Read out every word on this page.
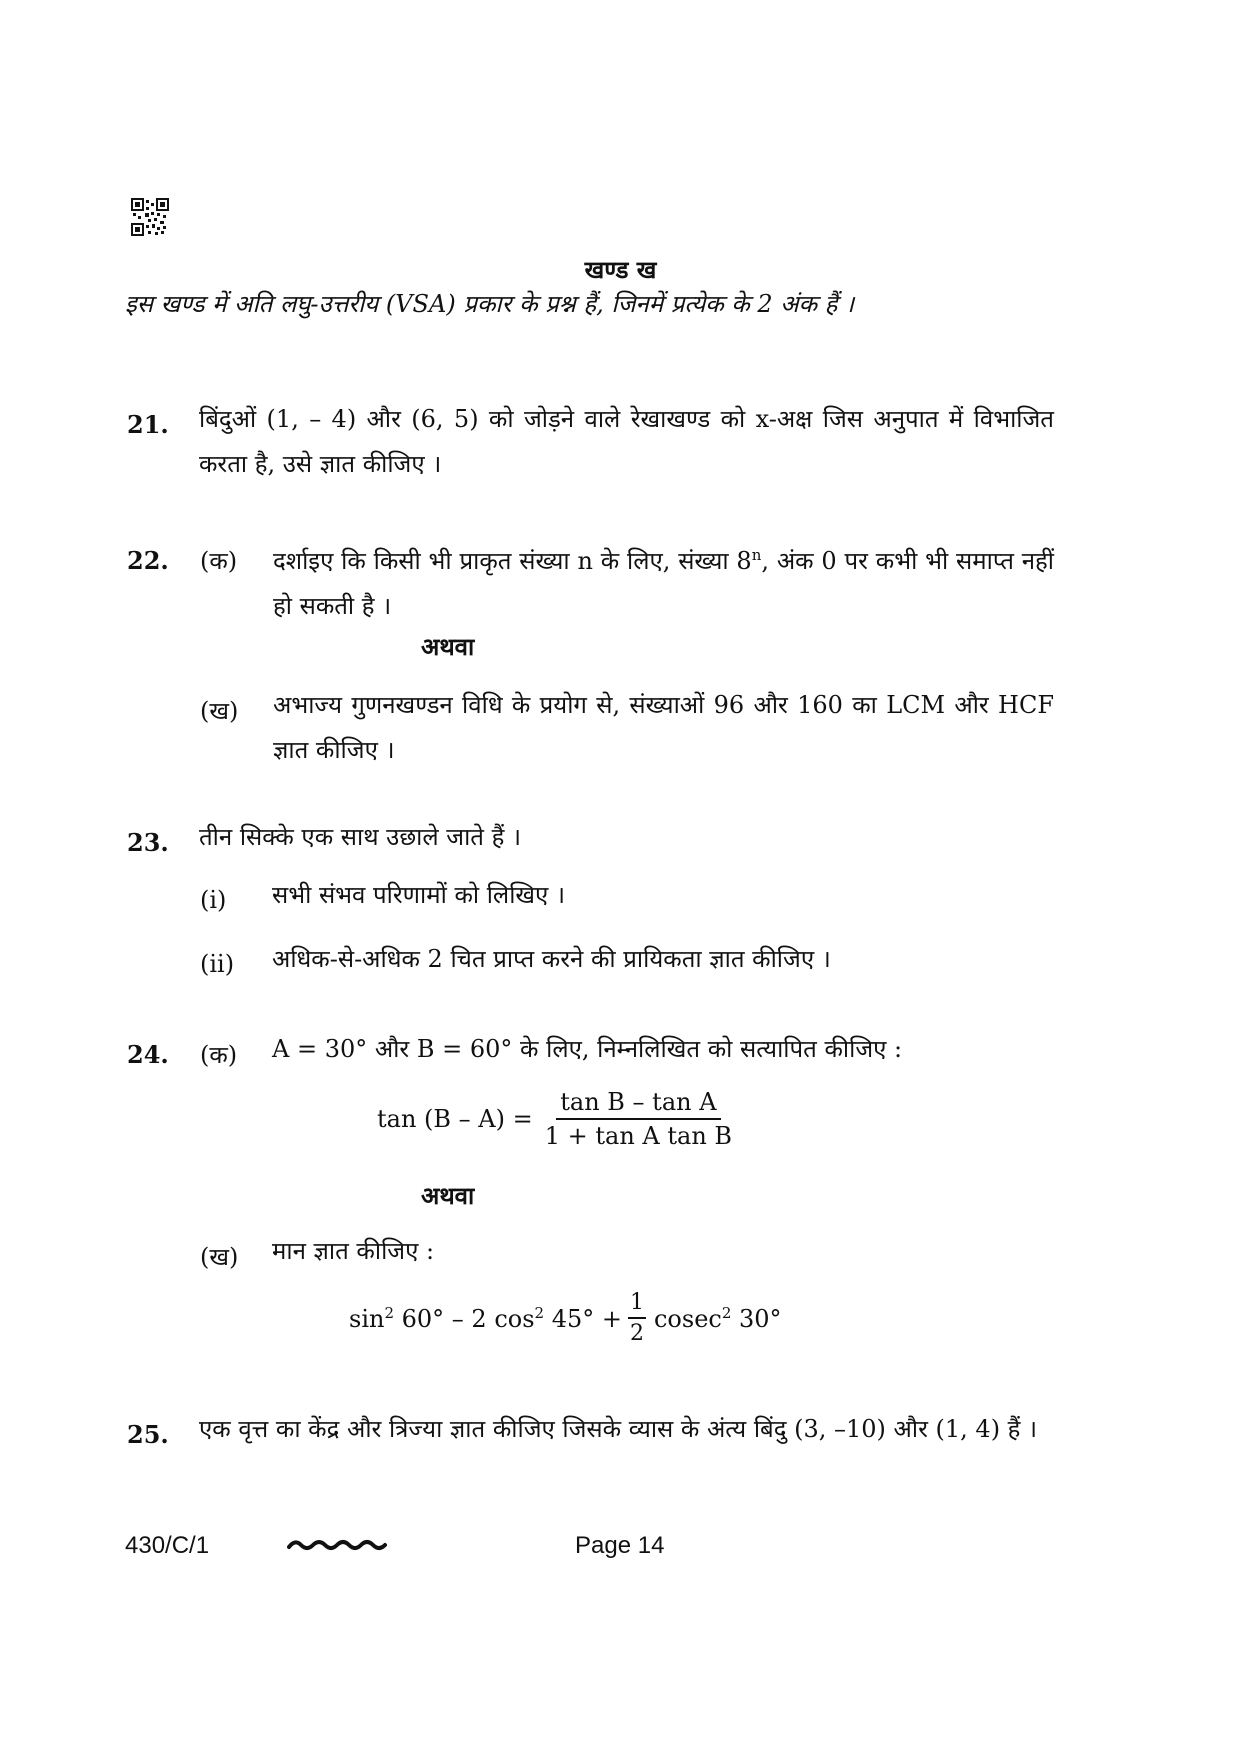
खण्ड ख
इस खण्ड में अति लघु-उत्तरीय (VSA) प्रकार के प्रश्न हैं, जिनमें प्रत्येक के 2 अंक हैं ।
21. बिंदुओं (1, – 4) और (6, 5) को जोड़ने वाले रेखाखण्ड को x-अक्ष जिस अनुपात में विभाजित करता है, उसे ज्ञात कीजिए ।
22. (क) दर्शाइए कि किसी भी प्राकृत संख्या n के लिए, संख्या 8$^n$, अंक 0 पर कभी भी समाप्त नहीं हो सकती है ।
अथवा
(ख) अभाज्य गुणनखण्डन विधि के प्रयोग से, संख्याओं 96 और 160 का LCM और HCF ज्ञात कीजिए ।
23. तीन सिक्के एक साथ उछाले जाते हैं ।
(i) सभी संभव परिणामों को लिखिए ।
(ii) अधिक-से-अधिक 2 चित प्राप्त करने की प्रायिकता ज्ञात कीजिए ।
24. (क) A = 30° और B = 60° के लिए, निम्नलिखित को सत्यापित कीजिए :
$\tan (B - A) = \frac{\text{tan B – tan A}}{\text{1 + tan A tan B}}$
अथवा
(ख) मान ज्ञात कीजिए :
$\sin^2 60^\circ - 2$ $\cos^2 45^\circ + \frac{1}{2} cosec^2$ 30°
25. एक वृत्त का केंद्र और त्रिज्या ज्ञात कीजिए जिसके व्यास के अंत्य बिंदु (3, –10) और (1, 4) हैं ।
430/C/1	Page 14
